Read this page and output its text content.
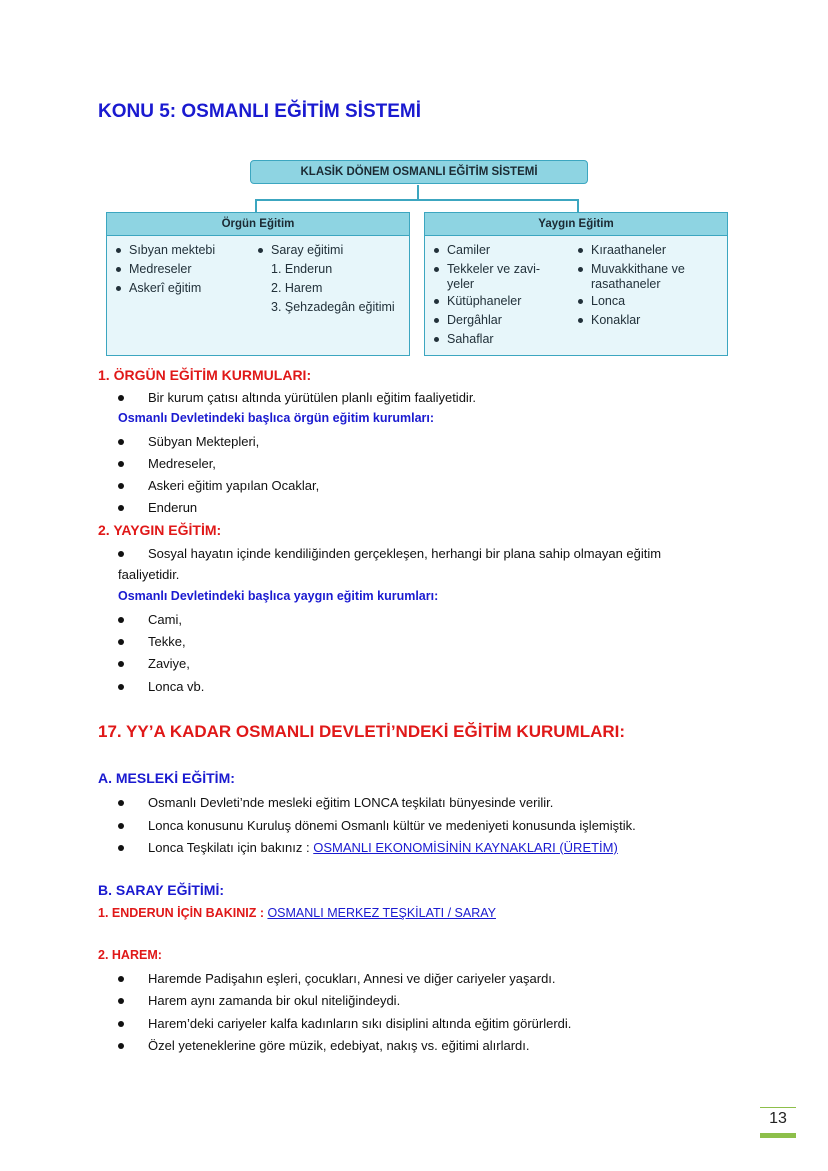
KONU 5: OSMANLI EĞİTİM SİSTEMİ
KLASİK DÖNEM OSMANLI EĞİTİM SİSTEMİ
Örgün Eğitim
Sıbyan mektebi
Medreseler
Askerî eğitim
Saray eğitimi
1. Enderun
2. Harem
3. Şehzadegân eğitimi
Yaygın Eğitim
Camiler
Tekkeler ve zavi-
yeler
Kütüphaneler
Dergâhlar
Sahaflar
Kıraathaneler
Muvakkithane ve
rasathaneler
Lonca
Konaklar
1. ÖRGÜN EĞİTİM KURMULARI:
Bir kurum çatısı altında yürütülen planlı eğitim faaliyetidir.
Osmanlı Devletindeki başlıca örgün eğitim kurumları:
Sübyan Mektepleri,
Medreseler,
Askeri eğitim yapılan Ocaklar,
Enderun
2. YAYGIN EĞİTİM:
Sosyal hayatın içinde kendiliğinden gerçekleşen, herhangi bir plana sahip olmayan eğitim
faaliyetidir.
Osmanlı Devletindeki başlıca yaygın eğitim kurumları:
Cami,
Tekke,
Zaviye,
Lonca vb.
17. YY’A KADAR OSMANLI DEVLETİ’NDEKİ EĞİTİM KURUMLARI:
A. MESLEKİ EĞİTİM:
Osmanlı Devleti’nde mesleki eğitim LONCA teşkilatı bünyesinde verilir.
Lonca konusunu Kuruluş dönemi Osmanlı kültür ve medeniyeti konusunda işlemiştik.
Lonca Teşkilatı için bakınız : OSMANLI EKONOMİSİNİN KAYNAKLARI (ÜRETİM)
B. SARAY EĞİTİMİ:
1. ENDERUN İÇİN BAKINIZ : OSMANLI MERKEZ TEŞKİLATI / SARAY
2. HAREM:
Haremde Padişahın eşleri, çocukları, Annesi ve diğer cariyeler yaşardı.
Harem aynı zamanda bir okul niteliğindeydi.
Harem’deki cariyeler kalfa kadınların sıkı disiplini altında eğitim görürlerdi.
Özel yeteneklerine göre müzik, edebiyat, nakış vs. eğitimi alırlardı.
13
